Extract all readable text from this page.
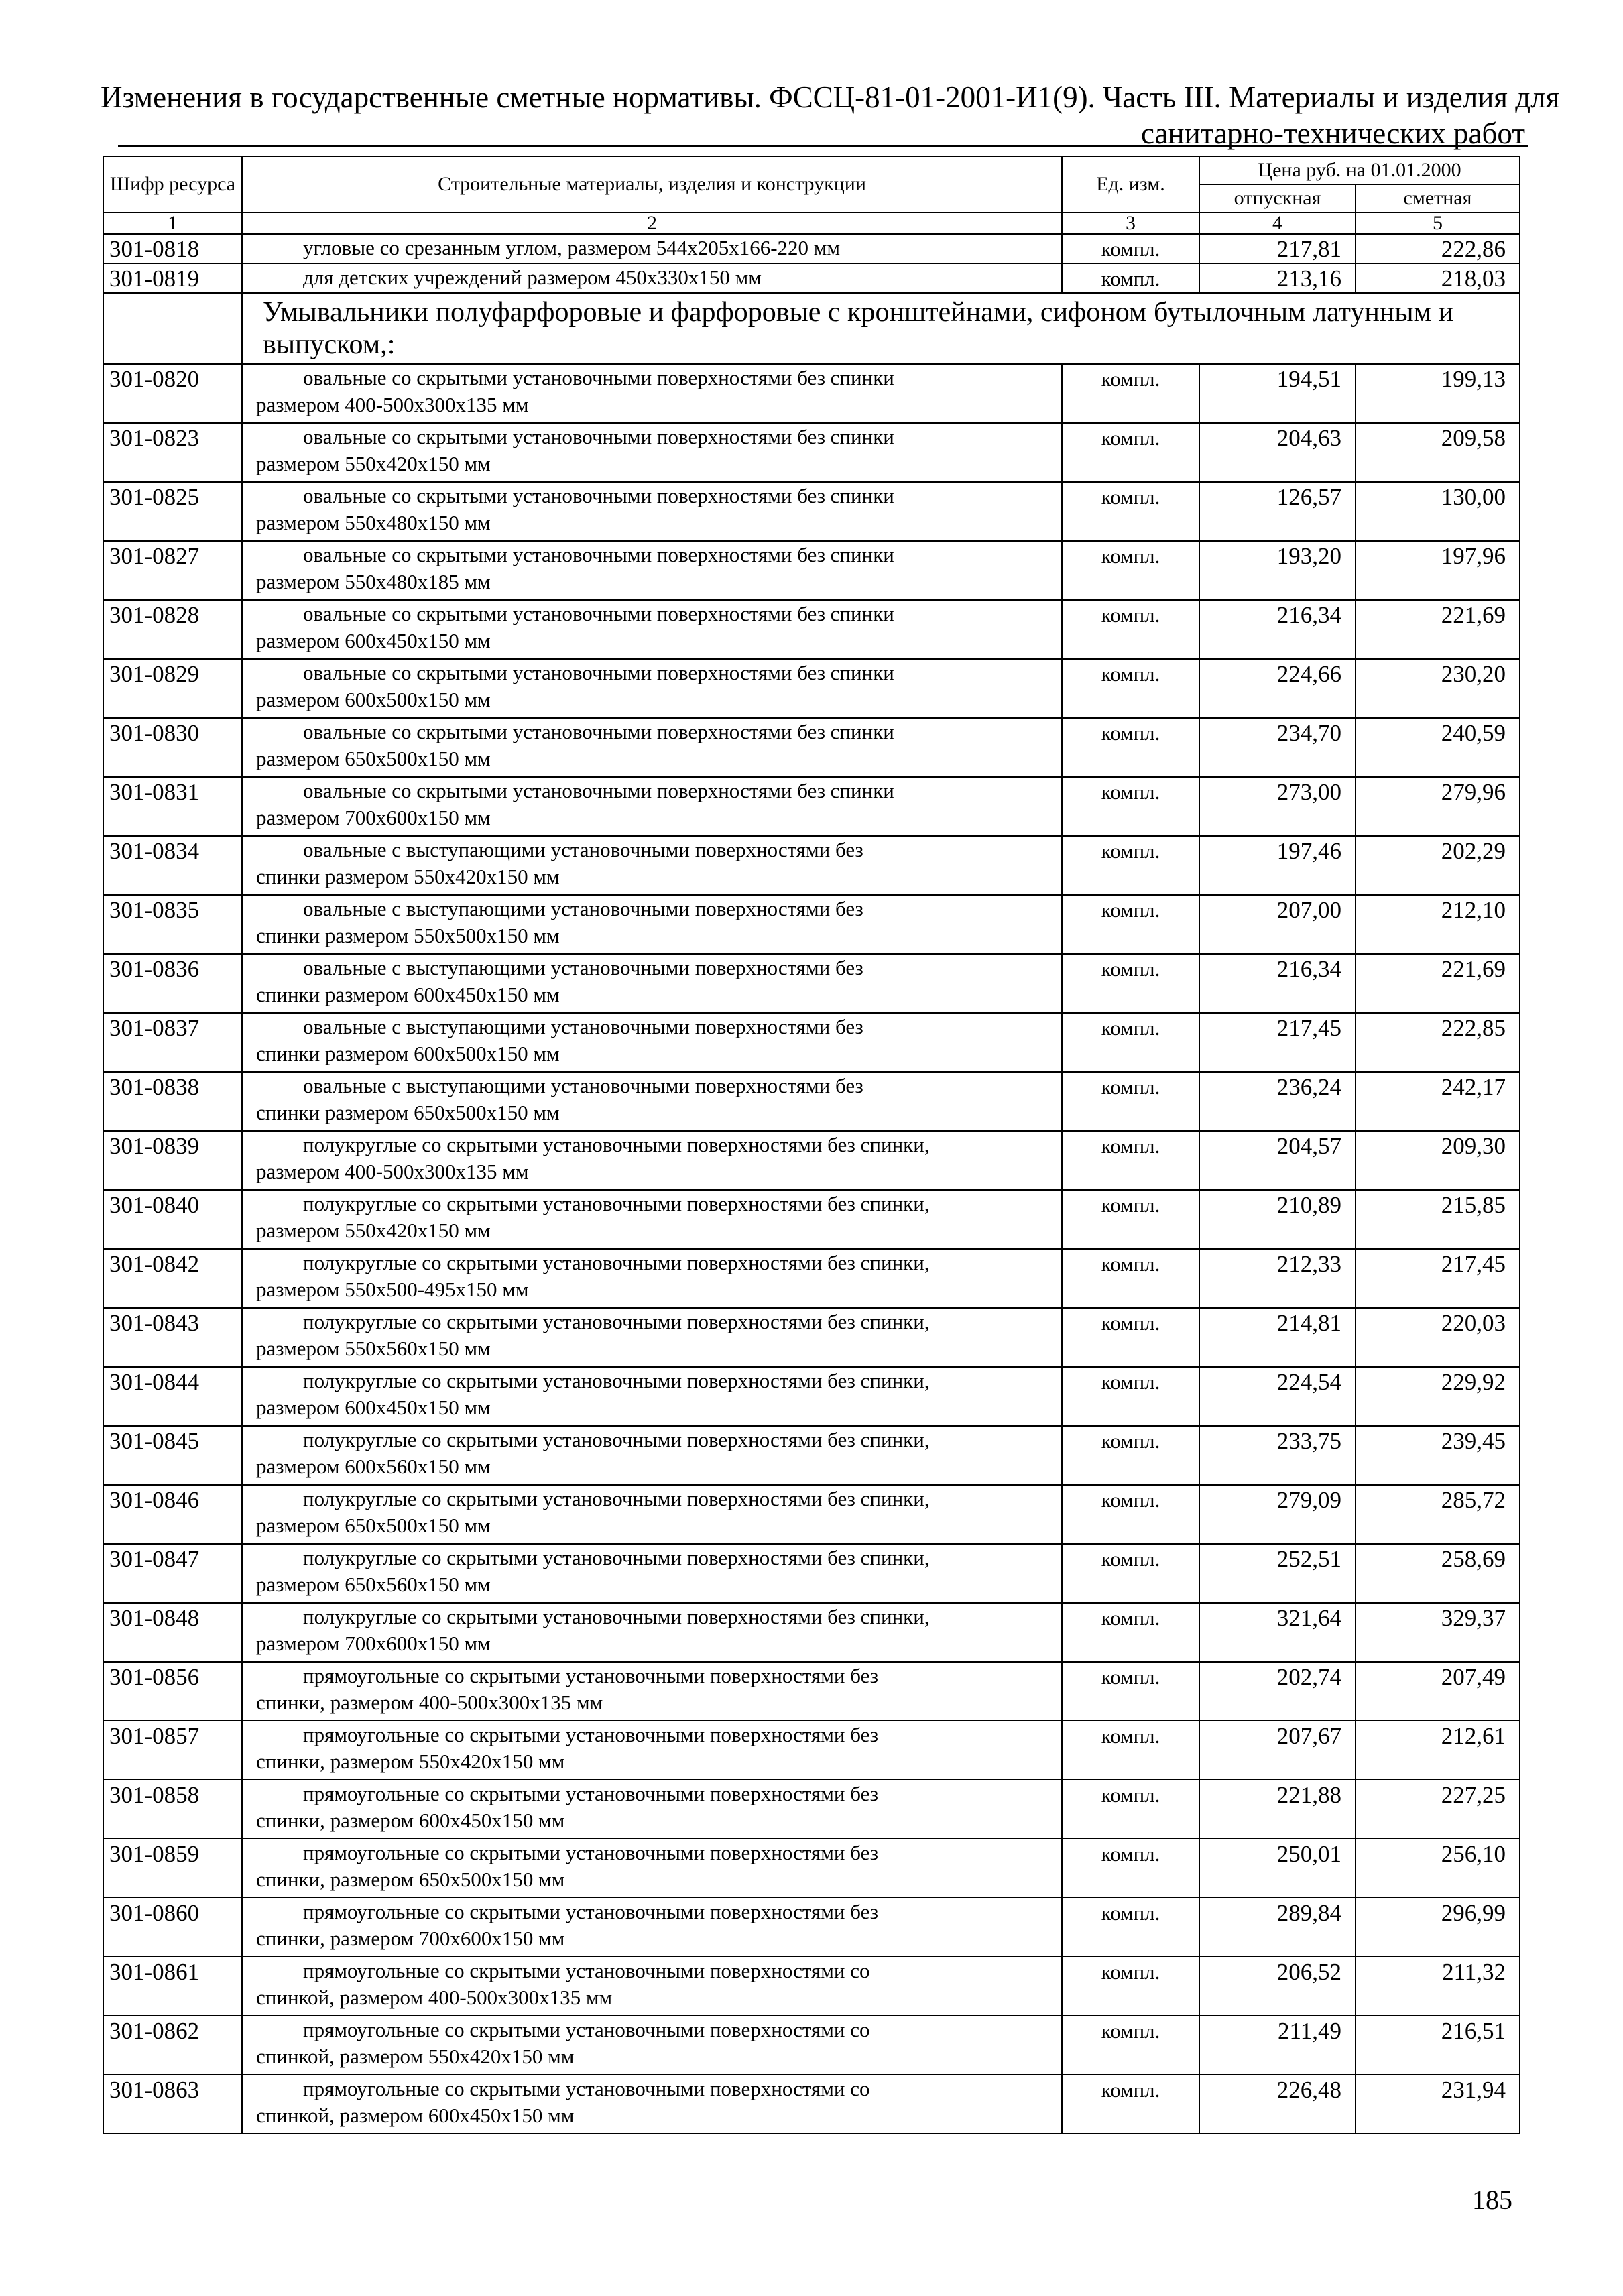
Изменения в государственные сметные нормативы. ФССЦ-81-01-2001-И1(9). Часть III. Материалы и изделия для
санитарно-технических работ
Шифр ресурса	Строительные материалы, изделия и конструкции	Ед. изм.	Цена руб. на 01.01.2000	
			отпускная	сметная
1	2	3	4	5
301-0818	угловые со срезанным углом, размером 544х205х166-220 мм	компл.	217,81	222,86
301-0819	для детских учреждений размером 450х330х150 мм	компл.	213,16	218,03
	Умывальники полуфарфоровые и фарфоровые с кронштейнами, сифоном бутылочным латунным и выпуском,:			
301-0820	овальные со скрытыми установочными поверхностями без спинки
размером 400-500х300х135 мм	компл.	194,51	199,13
301-0823	овальные со скрытыми установочными поверхностями без спинки
размером 550х420х150 мм	компл.	204,63	209,58
301-0825	овальные со скрытыми установочными поверхностями без спинки
размером 550х480х150 мм	компл.	126,57	130,00
301-0827	овальные со скрытыми установочными поверхностями без спинки
размером 550х480х185 мм	компл.	193,20	197,96
301-0828	овальные со скрытыми установочными поверхностями без спинки
размером 600х450х150 мм	компл.	216,34	221,69
301-0829	овальные со скрытыми установочными поверхностями без спинки
размером 600х500х150 мм	компл.	224,66	230,20
301-0830	овальные со скрытыми установочными поверхностями без спинки
размером 650х500х150 мм	компл.	234,70	240,59
301-0831	овальные со скрытыми установочными поверхностями без спинки
размером 700х600х150 мм	компл.	273,00	279,96
301-0834	овальные с выступающими установочными поверхностями без
спинки размером 550х420х150 мм	компл.	197,46	202,29
301-0835	овальные с выступающими установочными поверхностями без
спинки размером 550х500х150 мм	компл.	207,00	212,10
301-0836	овальные с выступающими установочными поверхностями без
спинки размером 600х450х150 мм	компл.	216,34	221,69
301-0837	овальные с выступающими установочными поверхностями без
спинки размером 600х500х150 мм	компл.	217,45	222,85
301-0838	овальные с выступающими установочными поверхностями без
спинки размером 650х500х150 мм	компл.	236,24	242,17
301-0839	полукруглые со скрытыми установочными поверхностями без спинки,
размером 400-500х300х135 мм	компл.	204,57	209,30
301-0840	полукруглые со скрытыми установочными поверхностями без спинки,
размером 550х420х150 мм	компл.	210,89	215,85
301-0842	полукруглые со скрытыми установочными поверхностями без спинки,
размером 550х500-495х150 мм	компл.	212,33	217,45
301-0843	полукруглые со скрытыми установочными поверхностями без спинки,
размером 550х560х150 мм	компл.	214,81	220,03
301-0844	полукруглые со скрытыми установочными поверхностями без спинки,
размером 600х450х150 мм	компл.	224,54	229,92
301-0845	полукруглые со скрытыми установочными поверхностями без спинки,
размером 600х560х150 мм	компл.	233,75	239,45
301-0846	полукруглые со скрытыми установочными поверхностями без спинки,
размером 650х500х150 мм	компл.	279,09	285,72
301-0847	полукруглые со скрытыми установочными поверхностями без спинки,
размером 650х560х150 мм	компл.	252,51	258,69
301-0848	полукруглые со скрытыми установочными поверхностями без спинки,
размером 700х600х150 мм	компл.	321,64	329,37
301-0856	прямоугольные со скрытыми установочными поверхностями без
спинки, размером 400-500х300х135 мм	компл.	202,74	207,49
301-0857	прямоугольные со скрытыми установочными поверхностями без
спинки, размером 550х420х150 мм	компл.	207,67	212,61
301-0858	прямоугольные со скрытыми установочными поверхностями без
спинки, размером 600х450х150 мм	компл.	221,88	227,25
301-0859	прямоугольные со скрытыми установочными поверхностями без
спинки, размером 650х500х150 мм	компл.	250,01	256,10
301-0860	прямоугольные со скрытыми установочными поверхностями без
спинки, размером 700х600х150 мм	компл.	289,84	296,99
301-0861	прямоугольные со скрытыми установочными поверхностями со
спинкой, размером 400-500х300х135 мм	компл.	206,52	211,32
301-0862	прямоугольные со скрытыми установочными поверхностями со
спинкой, размером 550х420х150 мм	компл.	211,49	216,51
301-0863	прямоугольные со скрытыми установочными поверхностями со
спинкой, размером 600х450х150 мм	компл.	226,48	231,94
185
